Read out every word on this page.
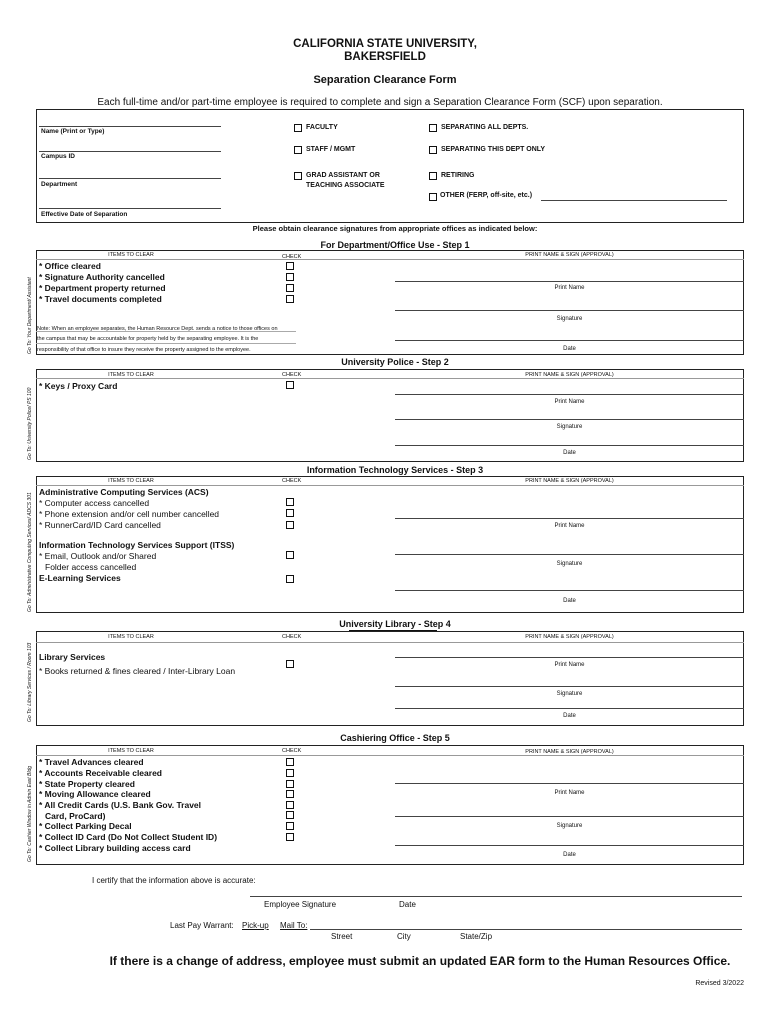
CALIFORNIA STATE UNIVERSITY,
BAKERSFIELD
Separation Clearance Form
Each full-time and/or part-time employee is required to complete and sign a Separation Clearance Form (SCF) upon separation.
Name (Print or Type)
Campus ID
Department
Effective Date of Separation
FACULTY
STAFF / MGMT
GRAD ASSISTANT OR
TEACHING ASSOCIATE
SEPARATING ALL DEPTS.
SEPARATING THIS DEPT ONLY
RETIRING
OTHER (FERP, off-site, etc.)
Please obtain clearance signatures from appropriate offices as indicated below:
For Department/Office Use - Step 1
Go To: Your Department/ Assistant
ITEMS TO CLEAR	CHECK	PRINT NAME & SIGN (APPROVAL)
* Office cleared
* Signature Authority cancelled
* Department property returned
* Travel documents completed
Print Name
Signature
Date
Note: When an employee separates, the Human Resource Dept. sends a notice to those offices on
the campus that may be accountable for property held by the separating employee. It is the
responsibility of that office to insure they receive the property assigned to the employee.
University Police - Step 2
Go To: University Police/ PS 100
ITEMS TO CLEAR	CHECK	PRINT NAME & SIGN (APPROVAL)
* Keys / Proxy Card
Print Name
Signature
Date
Information Technology Services - Step 3
Go To: Administrative Computing Services/ ADCS 301
ITEMS TO CLEAR	CHECK	PRINT NAME & SIGN (APPROVAL)
Administrative Computing Services (ACS)
* Computer access cancelled
* Phone extension and/or cell number cancelled
* RunnerCard/ID Card cancelled
Information Technology Services Support (ITSS)
* Email, Outlook and/or Shared
Folder access cancelled
E-Learning Services
Print Name
Signature
Date
University Library - Step 4
Go To: Library Services / Room 103
ITEMS TO CLEAR	CHECK	PRINT NAME & SIGN (APPROVAL)
Library Services
* Books returned & fines cleared / Inter-Library Loan
Print Name
Signature
Date
Cashiering Office - Step 5
Go To: Cashier Window in Admin East Bldg
ITEMS TO CLEAR	CHECK	PRINT NAME & SIGN (APPROVAL)
* Travel Advances cleared
* Accounts Receivable cleared
* State Property cleared
* Moving Allowance cleared
* All Credit Cards (U.S. Bank Gov. Travel
Card, ProCard)
* Collect Parking Decal
* Collect ID Card (Do Not Collect Student ID)
* Collect Library building access card
Print Name
Signature
Date
I certify that the information above is accurate:
Employee Signature	Date
Last Pay Warrant: Pick-up Mail To:
Street	City	State/Zip
If there is a change of address, employee must submit an updated EAR form to the Human Resources Office.
Revised 3/2022
